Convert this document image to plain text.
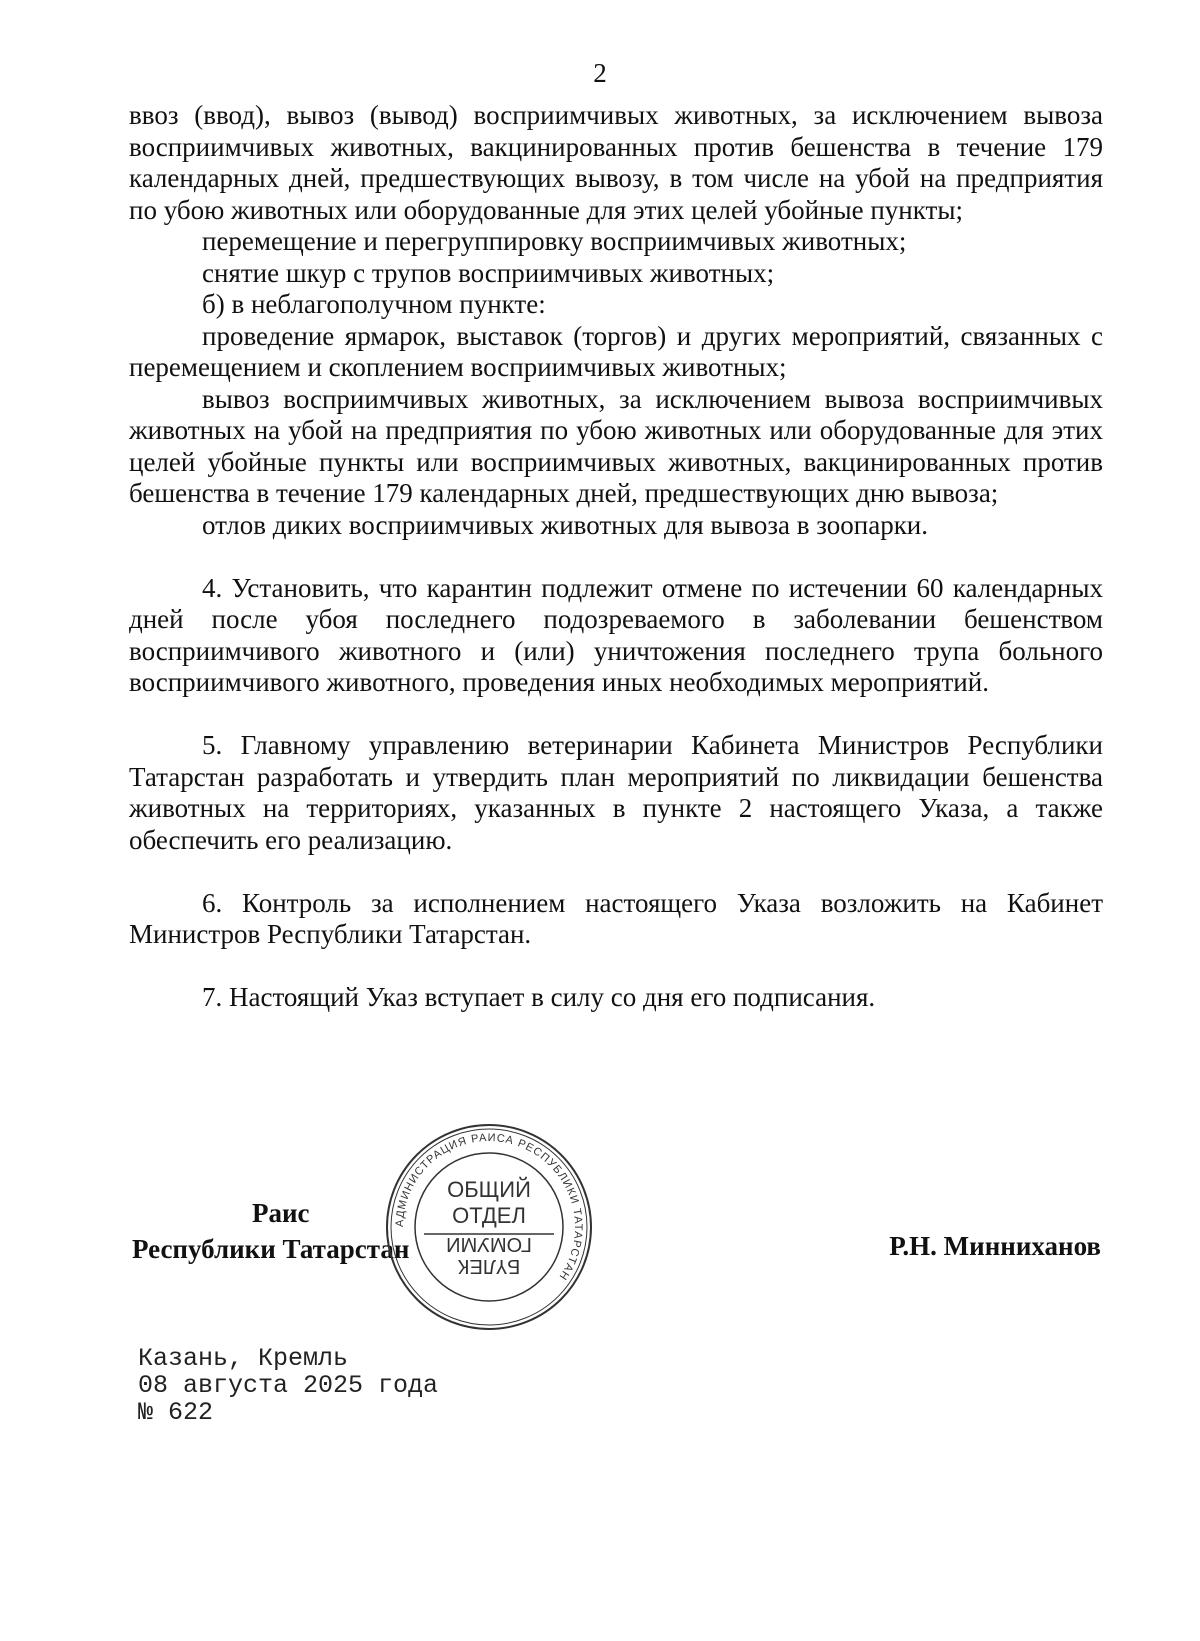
2

ввоз (ввод), вывоз (вывод) восприимчивых животных, за исключением вывоза восприимчивых животных, вакцинированных против бешенства в течение 179 календарных дней, предшествующих вывозу, в том числе на убой на предприятия по убою животных или оборудованные для этих целей убойные пункты;

перемещение и перегруппировку восприимчивых животных;

снятие шкур с трупов восприимчивых животных;

б) в неблагополучном пункте:

проведение ярмарок, выставок (торгов) и других мероприятий, связанных с перемещением и скоплением восприимчивых животных;

вывоз восприимчивых животных, за исключением вывоза восприимчивых животных на убой на предприятия по убою животных или оборудованные для этих целей убойные пункты или восприимчивых животных, вакцинированных против бешенства в течение 179 календарных дней, предшествующих дню вывоза;

отлов диких восприимчивых животных для вывоза в зоопарки.

4. Установить, что карантин подлежит отмене по истечении 60 календарных дней после убоя последнего подозреваемого в заболевании бешенством восприимчивого животного и (или) уничтожения последнего трупа больного восприимчивого животного, проведения иных необходимых мероприятий.

5. Главному управлению ветеринарии Кабинета Министров Республики Татарстан разработать и утвердить план мероприятий по ликвидации бешенства животных на территориях, указанных в пункте 2 настоящего Указа, а также обеспечить его реализацию.

6. Контроль за исполнением настоящего Указа возложить на Кабинет Министров Республики Татарстан.

7. Настоящий Указ вступает в силу со дня его подписания.

Раис
Республики Татарстан	Р.Н. Минниханов
АДМИНИСТРАЦИЯ РАИСА РЕСПУБЛИКИ ТАТАРСТАН
ОБЩИЙ
ОТДЕЛ
БҮЛЕК
ГОМУМИ
Казань, Кремль
08 августа 2025 года
№ 622
